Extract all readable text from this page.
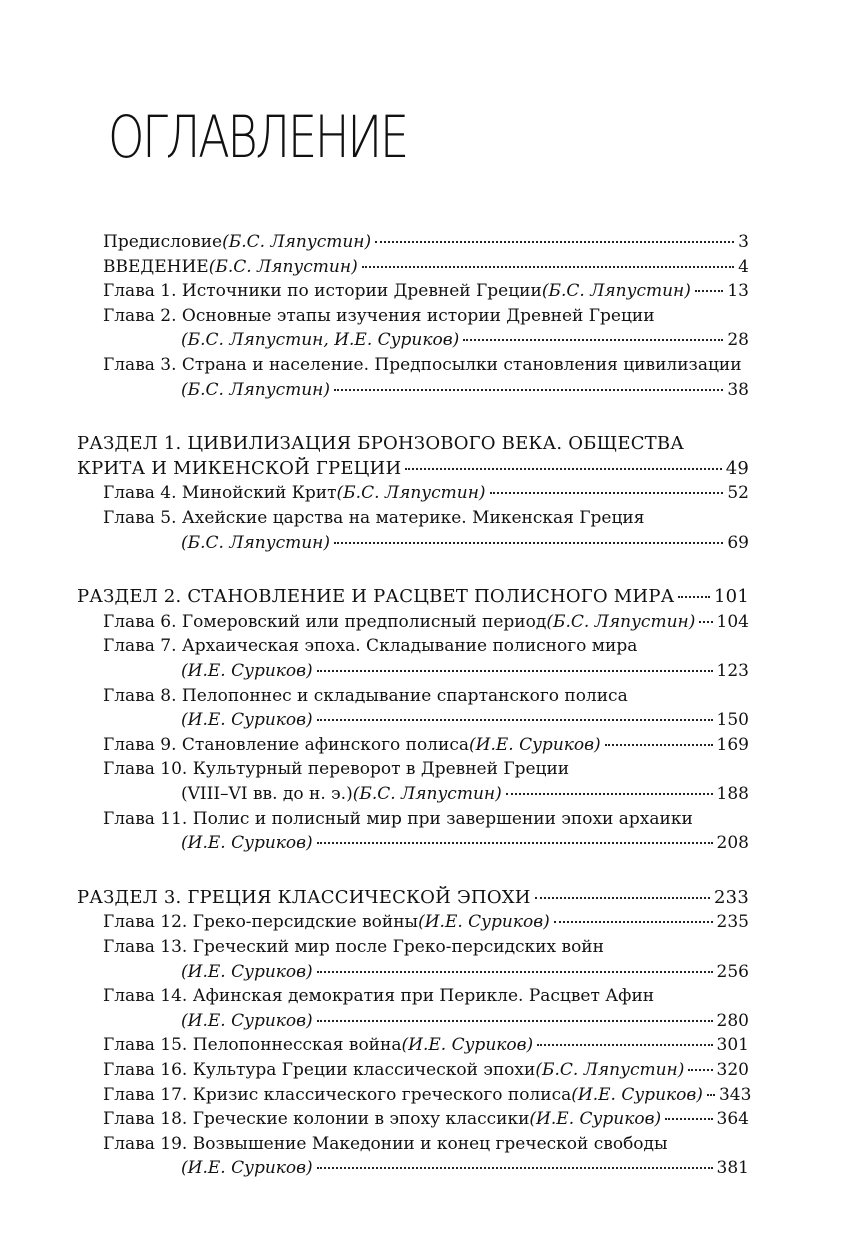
ОГЛАВЛЕНИЕ
Предисловие (Б.С. Ляпустин)	3
ВВЕДЕНИЕ (Б.С. Ляпустин)	4
Глава 1. Источники по истории Древней Греции (Б.С. Ляпустин) 13
Глава 2. Основные этапы изучения истории Древней Греции
(Б.С. Ляпустин, И.Е. Суриков)	28
Глава 3. Страна и население. Предпосылки становления цивилизации
(Б.С. Ляпустин)	38
РАЗДЕЛ 1. ЦИВИЛИЗАЦИЯ БРОНЗОВОГО ВЕКА. ОБЩЕСТВА
КРИТА И МИКЕНСКОЙ ГРЕЦИИ	49
Глава 4. Минойский Крит (Б.С. Ляпустин)	52
Глава 5. Ахейские царства на материке. Микенская Греция
(Б.С. Ляпустин)	69
РАЗДЕЛ 2. СТАНОВЛЕНИЕ И РАСЦВЕТ ПОЛИСНОГО МИРА 101
Глава 6. Гомеровский или предполисный период (Б.С. Ляпустин) 104
Глава 7. Архаическая эпоха. Складывание полисного мира
(И.Е. Суриков)	123
Глава 8. Пелопоннес и складывание спартанского полиса
(И.Е. Суриков)	150
Глава 9. Становление афинского полиса (И.Е. Суриков)	169
Глава 10. Культурный переворот в Древней Греции
(VIII–VI вв. до н. э.) (Б.С. Ляпустин)	188
Глава 11. Полис и полисный мир при завершении эпохи архаики
(И.Е. Суриков)	208
РАЗДЕЛ 3. ГРЕЦИЯ КЛАССИЧЕСКОЙ ЭПОХИ	233
Глава 12. Греко-персидские войны (И.Е. Суриков)	235
Глава 13. Греческий мир после Греко-персидских войн
(И.Е. Суриков)	256
Глава 14. Афинская демократия при Перикле. Расцвет Афин
(И.Е. Суриков)	280
Глава 15. Пелопоннесская война (И.Е. Суриков)	301
Глава 16. Культура Греции классической эпохи (Б.С. Ляпустин) 320
Глава 17. Кризис классического греческого полиса (И.Е. Суриков) 343
Глава 18. Греческие колонии в эпоху классики (И.Е. Суриков)	364
Глава 19. Возвышение Македонии и конец греческой свободы
(И.Е. Суриков)	381
